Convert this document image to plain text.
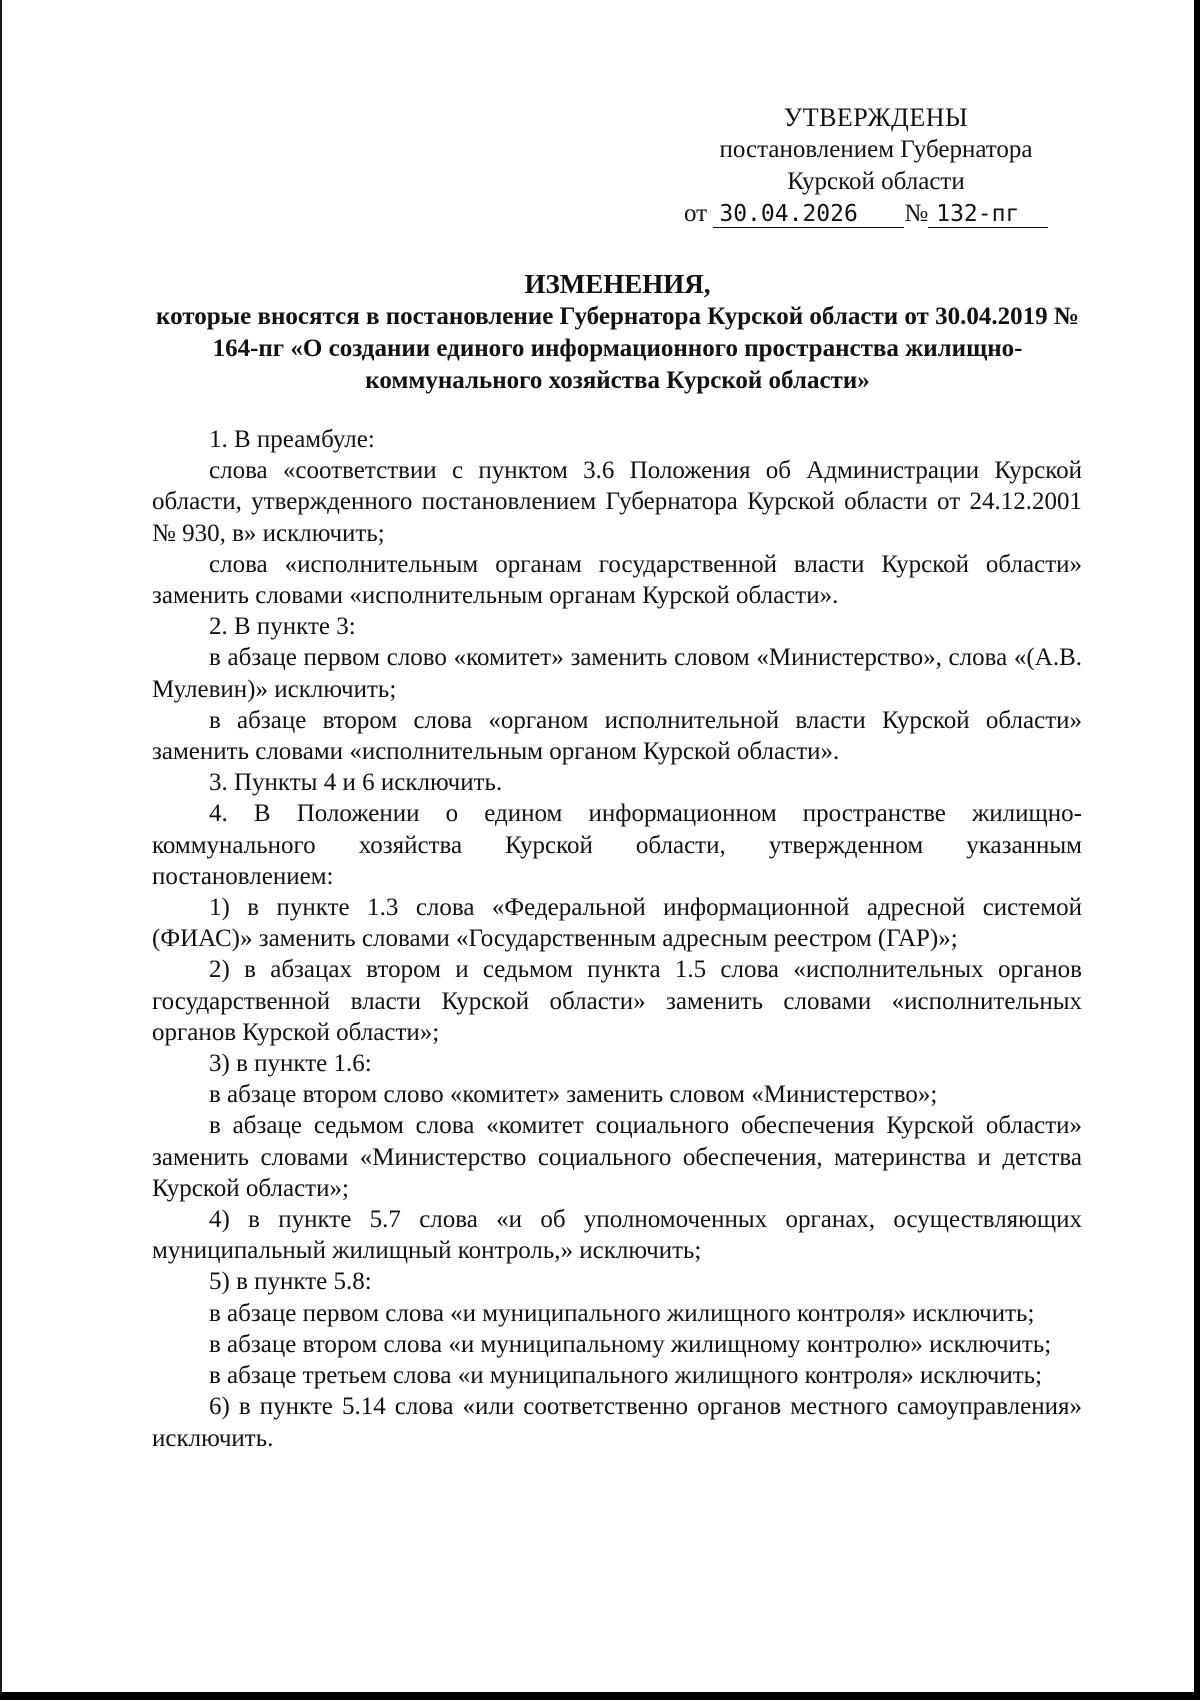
УТВЕРЖДЕНЫ
постановлением Губернатора
Курской области
от 30.04.2026 № 132-пг
ИЗМЕНЕНИЯ,
которые вносятся в постановление Губернатора Курской области от 30.04.2019 № 164-пг «О создании единого информационного пространства жилищно-коммунального хозяйства Курской области»

1. В преамбуле:

слова «соответствии с пунктом 3.6 Положения об Администрации Курской области, утвержденного постановлением Губернатора Курской области от 24.12.2001 № 930, в» исключить;

слова «исполнительным органам государственной власти Курской области» заменить словами «исполнительным органам Курской области».

2. В пункте 3:

в абзаце первом слово «комитет» заменить словом «Министерство», слова «(А.В. Мулевин)» исключить;

в абзаце втором слова «органом исполнительной власти Курской области» заменить словами «исполнительным органом Курской области».

3. Пункты 4 и 6 исключить.

4. В Положении о едином информационном пространстве жилищно-коммунального хозяйства Курской области, утвержденном указанным постановлением:

1) в пункте 1.3 слова «Федеральной информационной адресной системой (ФИАС)» заменить словами «Государственным адресным реестром (ГАР)»;

2) в абзацах втором и седьмом пункта 1.5 слова «исполнительных органов государственной власти Курской области» заменить словами «исполнительных органов Курской области»;

3) в пункте 1.6:

в абзаце втором слово «комитет» заменить словом «Министерство»;

в абзаце седьмом слова «комитет социального обеспечения Курской области» заменить словами «Министерство социального обеспечения, материнства и детства Курской области»;

4) в пункте 5.7 слова «и об уполномоченных органах, осуществляющих муниципальный жилищный контроль,» исключить;

5) в пункте 5.8:

в абзаце первом слова «и муниципального жилищного контроля» исключить;

в абзаце втором слова «и муниципальному жилищному контролю» исключить;

в абзаце третьем слова «и муниципального жилищного контроля» исключить;

6) в пункте 5.14 слова «или соответственно органов местного самоуправления» исключить.
